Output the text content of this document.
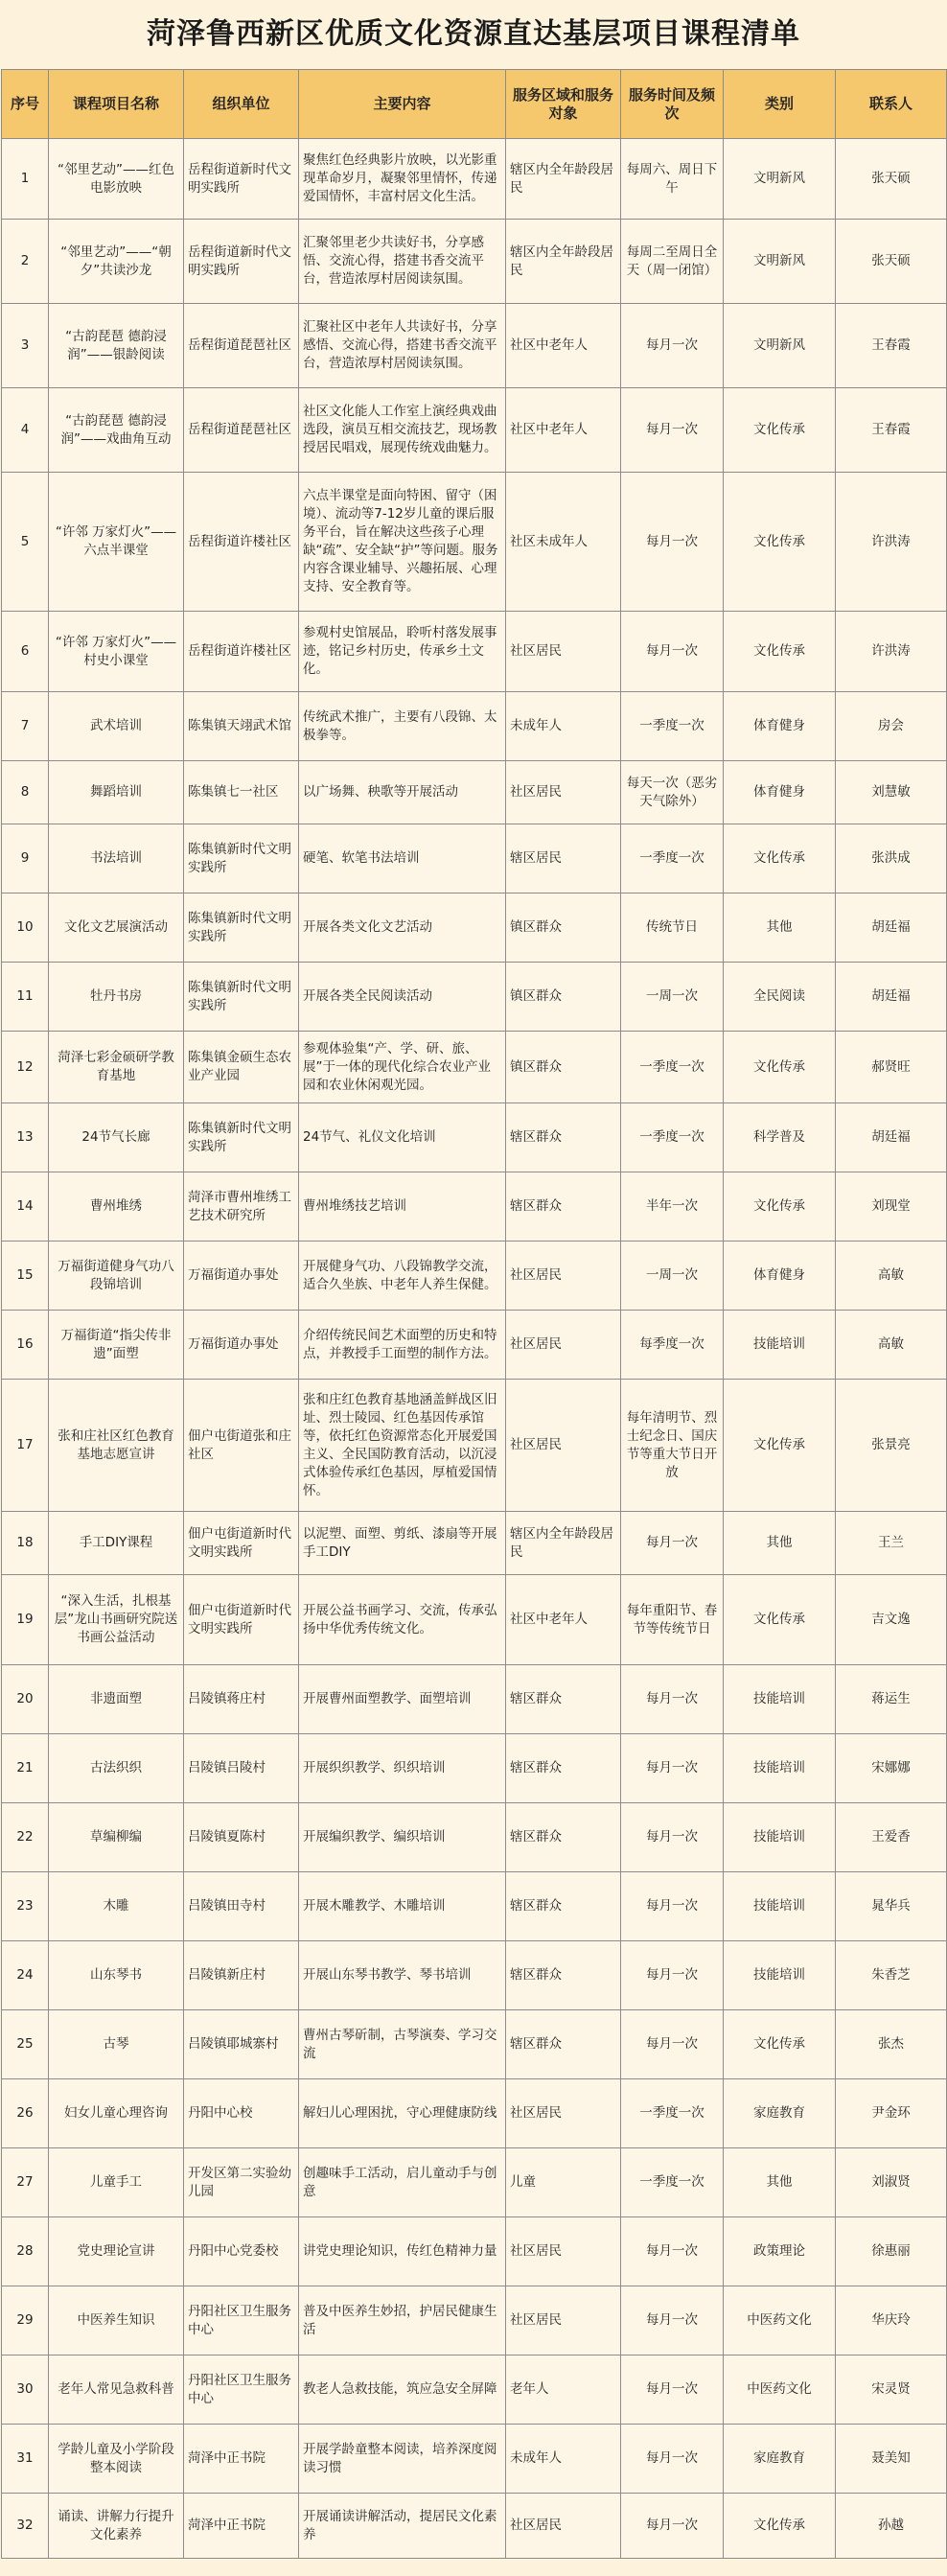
菏泽鲁西新区优质文化资源直达基层项目课程清单
序号	课程项目名称	组织单位	主要内容	服务区域和服务对象	服务时间及频次	类别	联系人
1	“邻里艺动”——红色电影放映	岳程街道新时代文明实践所	聚焦红色经典影片放映，以光影重现革命岁月，凝聚邻里情怀，传递爱国情怀，丰富村居文化生活。	辖区内全年龄段居民	每周六、周日下午	文明新风	张天硕
2	“邻里艺动”——“朝夕”共读沙龙	岳程街道新时代文明实践所	汇聚邻里老少共读好书，分享感悟、交流心得，搭建书香交流平台，营造浓厚村居阅读氛围。	辖区内全年龄段居民	每周二至周日全天（周一闭馆）	文明新风	张天硕
3	“古韵琵琶 德韵浸润”——银龄阅读	岳程街道琵琶社区	汇聚社区中老年人共读好书，分享感悟、交流心得，搭建书香交流平台，营造浓厚村居阅读氛围。	社区中老年人	每月一次	文明新风	王春霞
4	“古韵琵琶 德韵浸润”——戏曲角互动	岳程街道琵琶社区	社区文化能人工作室上演经典戏曲选段，演员互相交流技艺，现场教授居民唱戏，展现传统戏曲魅力。	社区中老年人	每月一次	文化传承	王春霞
5	“许邻 万家灯火”——六点半课堂	岳程街道许楼社区	六点半课堂是面向特困、留守（困境）、流动等7-12岁儿童的课后服务平台，旨在解决这些孩子心理缺“疏”、安全缺“护”等问题。服务内容含课业辅导、兴趣拓展、心理支持、安全教育等。	社区未成年人	每月一次	文化传承	许洪涛
6	“许邻 万家灯火”——村史小课堂	岳程街道许楼社区	参观村史馆展品，聆听村落发展事迹，铭记乡村历史，传承乡土文化。	社区居民	每月一次	文化传承	许洪涛
7	武术培训	陈集镇天翊武术馆	传统武术推广，主要有八段锦、太极拳等。	未成年人	一季度一次	体育健身	房会
8	舞蹈培训	陈集镇七一社区	以广场舞、秧歌等开展活动	社区居民	每天一次（恶劣天气除外）	体育健身	刘慧敏
9	书法培训	陈集镇新时代文明实践所	硬笔、软笔书法培训	辖区居民	一季度一次	文化传承	张洪成
10	文化文艺展演活动	陈集镇新时代文明实践所	开展各类文化文艺活动	镇区群众	传统节日	其他	胡廷福
11	牡丹书房	陈集镇新时代文明实践所	开展各类全民阅读活动	镇区群众	一周一次	全民阅读	胡廷福
12	菏泽七彩金硕研学教育基地	陈集镇金硕生态农业产业园	参观体验集“产、学、研、旅、展”于一体的现代化综合农业产业园和农业休闲观光园。	镇区群众	一季度一次	文化传承	郝贤旺
13	24节气长廊	陈集镇新时代文明实践所	24节气、礼仪文化培训	辖区群众	一季度一次	科学普及	胡廷福
14	曹州堆绣	菏泽市曹州堆绣工艺技术研究所	曹州堆绣技艺培训	辖区群众	半年一次	文化传承	刘现堂
15	万福街道健身气功八段锦培训	万福街道办事处	开展健身气功、八段锦教学交流，适合久坐族、中老年人养生保健。	社区居民	一周一次	体育健身	高敏
16	万福街道“指尖传非遗”面塑	万福街道办事处	介绍传统民间艺术面塑的历史和特点，并教授手工面塑的制作方法。	社区居民	每季度一次	技能培训	高敏
17	张和庄社区红色教育基地志愿宣讲	佃户屯街道张和庄社区	张和庄红色教育基地涵盖鲜战区旧址、烈士陵园、红色基因传承馆等，依托红色资源常态化开展爱国主义、全民国防教育活动，以沉浸式体验传承红色基因，厚植爱国情怀。	社区居民	每年清明节、烈士纪念日、国庆节等重大节日开放	文化传承	张景亮
18	手工DIY课程	佃户屯街道新时代文明实践所	以泥塑、面塑、剪纸、漆扇等开展手工DIY	辖区内全年龄段居民	每月一次	其他	王兰
19	“深入生活，扎根基层”龙山书画研究院送书画公益活动	佃户屯街道新时代文明实践所	开展公益书画学习、交流，传承弘扬中华优秀传统文化。	社区中老年人	每年重阳节、春节等传统节日	文化传承	吉文逸
20	非遗面塑	吕陵镇蒋庄村	开展曹州面塑教学、面塑培训	辖区群众	每月一次	技能培训	蒋运生
21	古法织织	吕陵镇吕陵村	开展织织教学、织织培训	辖区群众	每月一次	技能培训	宋娜娜
22	草编柳编	吕陵镇夏陈村	开展编织教学、编织培训	辖区群众	每月一次	技能培训	王爱香
23	木雕	吕陵镇田寺村	开展木雕教学、木雕培训	辖区群众	每月一次	技能培训	晁华兵
24	山东琴书	吕陵镇新庄村	开展山东琴书教学、琴书培训	辖区群众	每月一次	技能培训	朱香芝
25	古琴	吕陵镇耶城寨村	曹州古琴斫制，古琴演奏、学习交流	辖区群众	每月一次	文化传承	张杰
26	妇女儿童心理咨询	丹阳中心校	解妇儿心理困扰，守心理健康防线	社区居民	一季度一次	家庭教育	尹金环
27	儿童手工	开发区第二实验幼儿园	创趣味手工活动，启儿童动手与创意	儿童	一季度一次	其他	刘淑贤
28	党史理论宣讲	丹阳中心党委校	讲党史理论知识，传红色精神力量	社区居民	每月一次	政策理论	徐惠丽
29	中医养生知识	丹阳社区卫生服务中心	普及中医养生妙招，护居民健康生活	社区居民	每月一次	中医药文化	华庆玲
30	老年人常见急救科普	丹阳社区卫生服务中心	教老人急救技能，筑应急安全屏障	老年人	每月一次	中医药文化	宋灵贤
31	学龄儿童及小学阶段整本阅读	菏泽中正书院	开展学龄童整本阅读，培养深度阅读习惯	未成年人	每月一次	家庭教育	聂美知
32	诵读、讲解力行提升文化素养	菏泽中正书院	开展诵读讲解活动，提居民文化素养	社区居民	每月一次	文化传承	孙越
